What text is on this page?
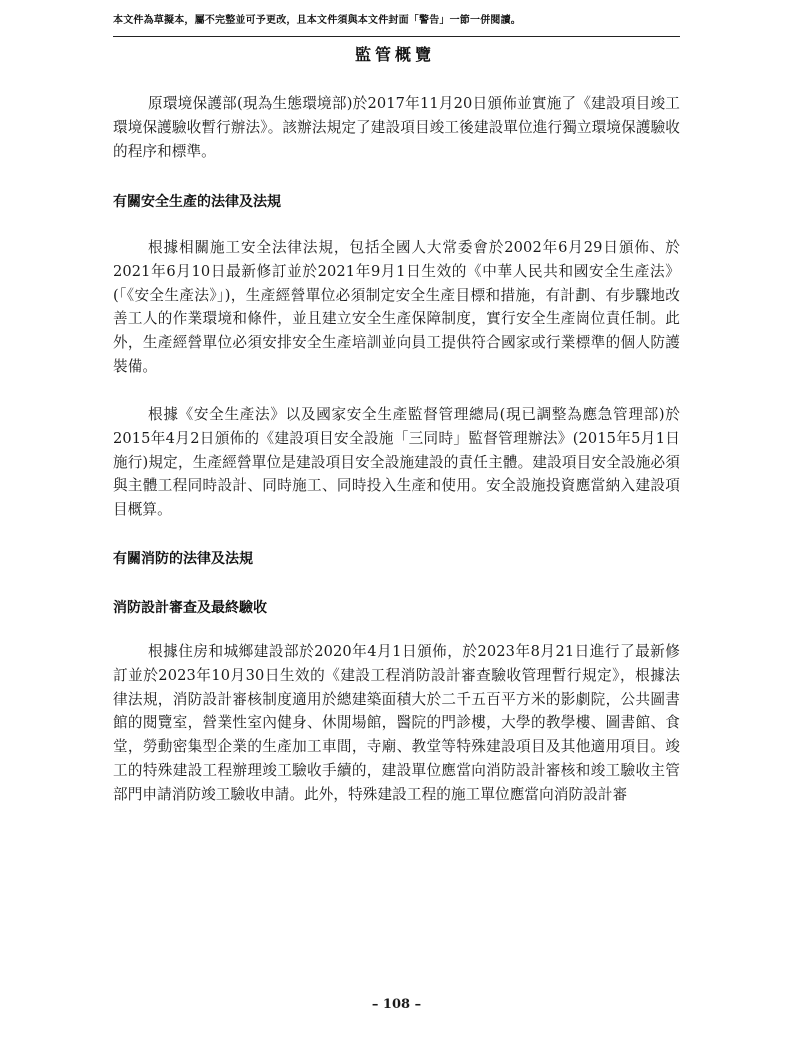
本文件為草擬本，屬不完整並可予更改，且本文件須與本文件封面「警告」一節一併閱讀。
監管概覽

原環境保護部(現為生態環境部)於2017年11月20日頒佈並實施了《建設項目竣工環境保護驗收暫行辦法》。該辦法規定了建設項目竣工後建設單位進行獨立環境保護驗收的程序和標準。

有關安全生產的法律及法規

根據相關施工安全法律法規，包括全國人大常委會於2002年6月29日頒佈、於2021年6月10日最新修訂並於2021年9月1日生效的《中華人民共和國安全生產法》(「《安全生產法》」)，生產經營單位必須制定安全生產目標和措施，有計劃、有步驟地改善工人的作業環境和條件，並且建立安全生產保障制度，實行安全生產崗位責任制。此外，生產經營單位必須安排安全生產培訓並向員工提供符合國家或行業標準的個人防護裝備。

根據《安全生產法》以及國家安全生產監督管理總局(現已調整為應急管理部)於2015年4月2日頒佈的《建設項目安全設施「三同時」監督管理辦法》(2015年5月1日施行)規定，生產經營單位是建設項目安全設施建設的責任主體。建設項目安全設施必須與主體工程同時設計、同時施工、同時投入生產和使用。安全設施投資應當納入建設項目概算。

有關消防的法律及法規
消防設計審查及最終驗收

根據住房和城鄉建設部於2020年4月1日頒佈，於2023年8月21日進行了最新修訂並於2023年10月30日生效的《建設工程消防設計審查驗收管理暫行規定》，根據法律法規，消防設計審核制度適用於總建築面積大於二千五百平方米的影劇院，公共圖書館的閱覽室，營業性室內健身、休閒場館，醫院的門診樓，大學的教學樓、圖書館、食堂，勞動密集型企業的生產加工車間，寺廟、教堂等特殊建設項目及其他適用項目。竣工的特殊建設工程辦理竣工驗收手續的，建設單位應當向消防設計審核和竣工驗收主管部門申請消防竣工驗收申請。此外，特殊建設工程的施工單位應當向消防設計審

– 108 –
